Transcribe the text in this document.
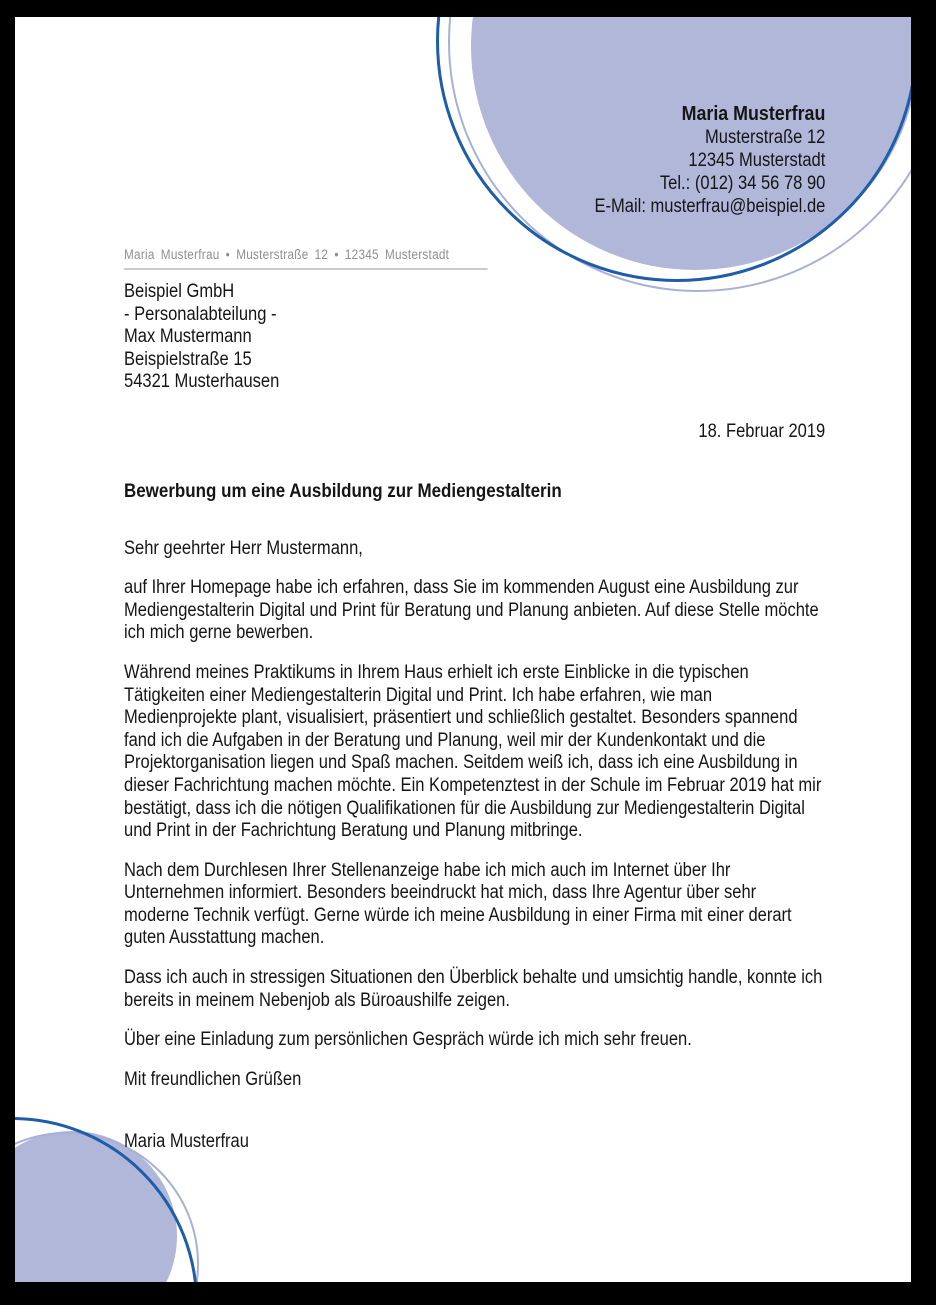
Maria Musterfrau
Musterstraße 12
12345 Musterstadt
Tel.: (012) 34 56 78 90
E-Mail: musterfrau@beispiel.de
Maria Musterfrau • Musterstraße 12 • 12345 Musterstadt
Beispiel GmbH
- Personalabteilung -
Max Mustermann
Beispielstraße 15
54321 Musterhausen
18. Februar 2019
Bewerbung um eine Ausbildung zur Mediengestalterin
Sehr geehrter Herr Mustermann,

auf Ihrer Homepage habe ich erfahren, dass Sie im kommenden August eine Ausbildung zur Mediengestalterin Digital und Print für Beratung und Planung anbieten. Auf diese Stelle möchte ich mich gerne bewerben.

Während meines Praktikums in Ihrem Haus erhielt ich erste Einblicke in die typischen Tätigkeiten einer Mediengestalterin Digital und Print. Ich habe erfahren, wie man Medienprojekte plant, visualisiert, präsentiert und schließlich gestaltet. Besonders spannend fand ich die Aufgaben in der Beratung und Planung, weil mir der Kundenkontakt und die Projektorganisation liegen und Spaß machen. Seitdem weiß ich, dass ich eine Ausbildung in dieser Fachrichtung machen möchte. Ein Kompetenztest in der Schule im Februar 2019 hat mir bestätigt, dass ich die nötigen Qualifikationen für die Ausbildung zur Mediengestalterin Digital und Print in der Fachrichtung Beratung und Planung mitbringe.

Nach dem Durchlesen Ihrer Stellenanzeige habe ich mich auch im Internet über Ihr Unternehmen informiert. Besonders beeindruckt hat mich, dass Ihre Agentur über sehr moderne Technik verfügt. Gerne würde ich meine Ausbildung in einer Firma mit einer derart guten Ausstattung machen.

Dass ich auch in stressigen Situationen den Überblick behalte und umsichtig handle, konnte ich bereits in meinem Nebenjob als Büroaushilfe zeigen.

Über eine Einladung zum persönlichen Gespräch würde ich mich sehr freuen.

Mit freundlichen Grüßen
Maria Musterfrau
